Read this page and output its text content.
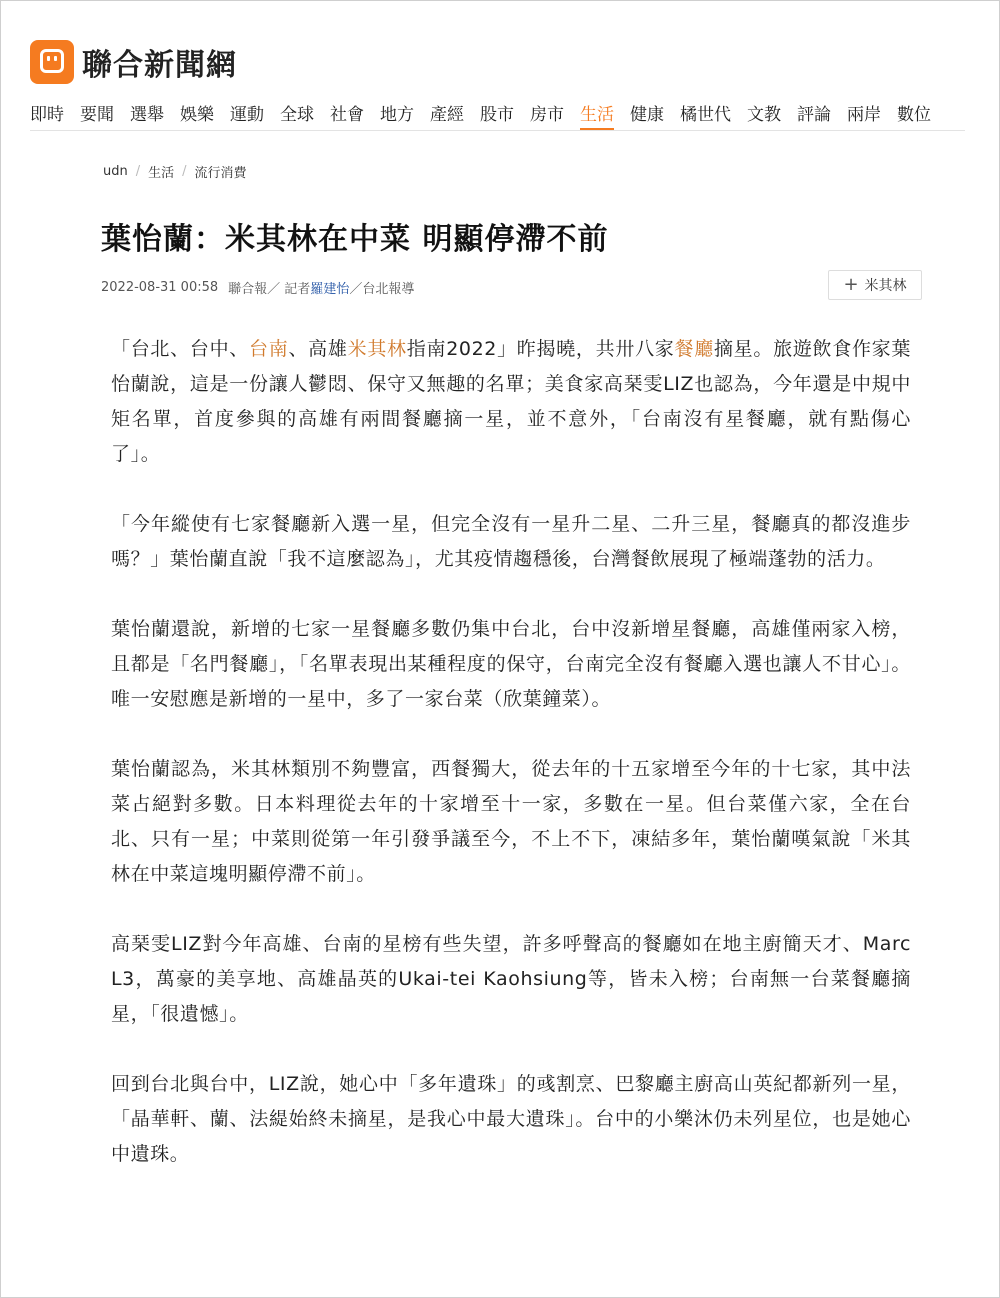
聯合新聞網
即時 要聞 選舉 娛樂 運動 全球 社會 地方 產經 股市 房市 生活 健康 橘世代 文教 評論 兩岸 數位
udn / 生活 / 流行消費
葉怡蘭：米其林在中菜 明顯停滯不前
2022-08-31 00:58 聯合報 ／ 記者 羅建怡 ／台北報導	+ 米其林

「台北、台中、台南、高雄米其林指南2022」昨揭曉，共卅八家餐廳摘星。旅遊飲食作家葉怡蘭說，這是一份讓人鬱悶、保守又無趣的名單；美食家高琹雯LIZ也認為，今年還是中規中矩名單，首度參與的高雄有兩間餐廳摘一星，並不意外，「台南沒有星餐廳，就有點傷心了」。

「今年縱使有七家餐廳新入選一星，但完全沒有一星升二星、二升三星，餐廳真的都沒進步嗎？」葉怡蘭直說「我不這麼認為」，尤其疫情趨穩後，台灣餐飲展現了極端蓬勃的活力。

葉怡蘭還說，新增的七家一星餐廳多數仍集中台北，台中沒新增星餐廳，高雄僅兩家入榜，且都是「名門餐廳」，「名單表現出某種程度的保守，台南完全沒有餐廳入選也讓人不甘心」。唯一安慰應是新增的一星中，多了一家台菜（欣葉鐘菜）。

葉怡蘭認為，米其林類別不夠豐富，西餐獨大，從去年的十五家增至今年的十七家，其中法菜占絕對多數。日本料理從去年的十家增至十一家，多數在一星。但台菜僅六家，全在台北、只有一星；中菜則從第一年引發爭議至今，不上不下，凍結多年，葉怡蘭嘆氣說「米其林在中菜這塊明顯停滯不前」。

高琹雯LIZ對今年高雄、台南的星榜有些失望，許多呼聲高的餐廳如在地主廚簡天才、Marc L3，萬豪的美享地、高雄晶英的Ukai-tei Kaohsiung等，皆未入榜；台南無一台菜餐廳摘星，「很遺憾」。

回到台北與台中，LIZ說，她心中「多年遺珠」的彧割烹、巴黎廳主廚高山英紀都新列一星，「晶華軒、蘭、法緹始終未摘星，是我心中最大遺珠」。台中的小樂沐仍未列星位，也是她心中遺珠。
